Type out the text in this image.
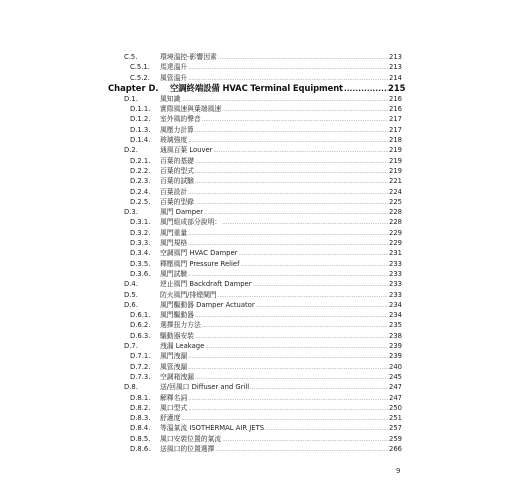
C.5.	環境溫控-影響因素 .....	213
C.5.1.	馬達溫升 .....	213
C.5.2.	風管溫升 .....	214
Chapter D.	空調終端設備 HVAC Terminal Equipment .....	215
D.1.	風知識 .....	216
D.1.1.	實際風速與葉端風速 .....	216
D.1.2.	室外風的聲音 .....	217
D.1.3.	風壓力計算 .....	217
D.1.4.	玻璃強度 .....	218
D.2.	通風百葉 Louver .....	219
D.2.1.	百葉的基礎 .....	219
D.2.2.	百葉的型式 .....	219
D.2.3.	百葉的試驗 .....	221
D.2.4.	百葉設計 .....	224
D.2.5.	百葉的型錄 .....	225
D.3.	風門 Damper .....	228
D.3.1.	風門組成部分說明： .....	228
D.3.2.	風門重量 .....	229
D.3.3.	風門規格 .....	229
D.3.4.	空調風門 HVAC Damper .....	231
D.3.5.	釋壓風門 Pressure Relief .....	233
D.3.6.	風門試驗 .....	233
D.4.	逆止風門 Backdraft Damper .....	233
D.5.	防火風門/排煙閘門 .....	233
D.6.	風門驅動器 Damper Actuator .....	234
D.6.1.	風門驅動器 .....	234
D.6.2.	選擇扭力方法 .....	235
D.6.3.	驅動器安裝 .....	238
D.7.	洩漏 Leakage .....	239
D.7.1.	風門洩漏 .....	239
D.7.2.	風管洩漏 .....	240
D.7.3.	空調箱洩漏 .....	245
D.8.	送/回風口 Diffuser and Grill .....	247
D.8.1.	解釋名詞 .....	247
D.8.2.	風口型式 .....	250
D.8.3.	舒適度 .....	251
D.8.4.	等溫氣流 ISOTHERMAL AIR JETS .....	257
D.8.5.	風口安裝位置的氣流 .....	259
D.8.6.	送風口的位置選擇 .....	266
9
